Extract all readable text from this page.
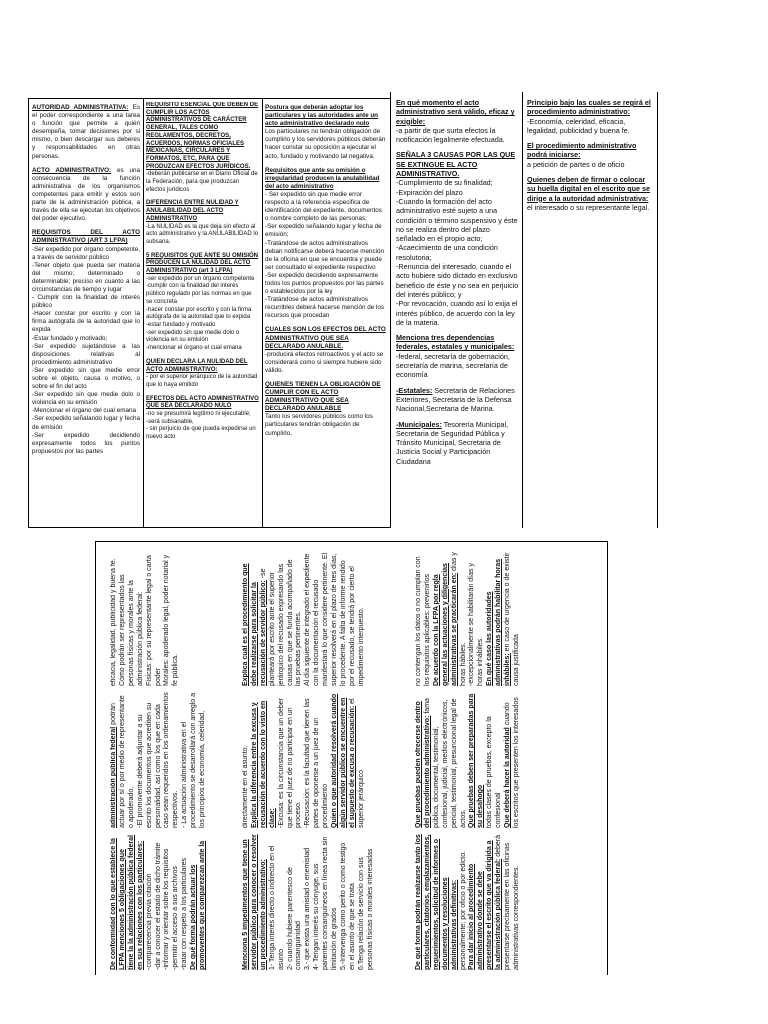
AUTORIDAD ADMINISTRATIVA: Es el poder correspondiente a una tarea o función que permite a quién desempeña, tomar decisiones por si mismo, o bien descargar sus deberes y responsabilidades en otras personas.

ACTO ADMINISTRATIVO: es una consecuencia de la función administrativa de los organismos competentes para emitir y estos son parte de la administración pública, a través de ella se ejecutan los objetivos del poder ejecutivo.

REQUISITOS DEL ACTO ADMINISTRATIVO (ART 3 LFPA)

-Ser expedido por órgano competente, a través de servidor público

-Tener objeto que pueda ser materia del mismo; determinado o determinable; preciso en cuanto a las circunstancias de tiempo y lugar

- Cumplir con la finalidad de interés público

-Hacer constar por escrito y con la firma autógrafa de la autoridad que lo expida

-Estar fundado y motivado;

-Ser expedido sujetándose a las disposiciones relativas al procedimiento administrativo

-Ser expedido sin que medie error sobre el objeto, causa o motivo, o sobre el fin del acto

-Ser expedido sin que medie dolo o violencia en su emisión

-Mencionar el órgano del cual emana

-Ser expedido señalando lugar y fecha de emisión

-Ser expedido decidiendo expresamente todos los puntos propuestos por las partes

REQUISITO ESENCIAL QUE DEBEN DE CUMPLIR LOS ACTOS ADMINISTRATIVOS DE CARÁCTER GENERAL, TALES COMO REGLAMENTOS, DECRETOS, ACUERDOS, NORMAS OFICIALES MEXICANAS, CIRCULARES Y FORMATOS, ETC, PARA QUE PRODUZCAN EFECTOS JURÍDICOS.

-deberán publicarse en el Diario Oficial de la Federación, para que produzcan efectos jurídicos

DIFERENCIA ENTRE NULIDAD Y ANULABILIDAD DEL ACTO ADMINISTRATIVO

-La NULIDAD es la que deja sin efecto al acto administrativo y la ANULABILIDAD lo subsana.

5 REQUISITOS QUE ANTE SU OMISIÓN PRODUCEN LA NULIDAD DEL ACTO ADMINISTRATIVO (art 3 LFPA)

-ser expedido por un órgano competente

-cumplir con la finalidad del interés público regulado por las normas en que se concreta

-hacer constar por escrito y con la firma autógrafa de la autoridad que lo expida

-estar fundado y motivado

-ser expedido sin que medie dolo o violencia en su emisión

-mencionar el órgano el cual emana

QUIEN DECLARA LA NULIDAD DEL ACTO ADMINISTRATIVO:

- por el superior jerárquico de la autoridad que lo haya emitido

EFECTOS DEL ACTO ADMINISTRATIVO QUE SEA DECLARADO NULO

-no se presumirá legítimo ni ejecutable;

-será subsanable,

- sin perjuicio de que pueda expedirse un nuevo acto

Postura que deberán adoptar los particulares y las autoridades ante un acto administrativo declarado nulo

Los particulares no tendrán obligación de cumplirlo y los servidores públicos deberán hacer constar su oposición a ejecutar el acto, fundado y motivando tal negativa.

Requisitos que ante su omisión o irregularidad producen la anulabilidad del acto administrativo

- Ser expedido sin que medie error respecto a la referencia especifica de identificación del expediente, documentos o nombre completo de las personas;

-Ser expedido señalando lugar y fecha de emisión;

-Tratándose de actos administrativos deban notificarse deberá hacerse mención de la oficina en que se encuentra y puede ser consultado el expediente respectivo

-Ser expedido decidiendo expresamente todos los puntos propuestos por las partes o establecidos por la ley

-Tratándose de actos administrativos recurribles deberá hacerse mención de los recursos que procedan

CUALES SON LOS EFECTOS DEL ACTO ADMINISTRATIVO QUE SEA DECLARADO ANULABLE.

-producirá efectos retroactivos y el acto se considerará como si siempre hubiere sido válido.

QUIENES TIENEN LA OBLIGACIÓN DE CUMPLIR CON EL ACTO ADMINISTRATIVO QUE SEA DECLARADO ANULABLE

Tanto los servidores públicos como los particulares tendrán obligación de cumplirlo.

En qué momento el acto administrativo será válido, eficaz y exigible:

-a partir de que surta efectos la notificación legalmente efectuada.

SEÑALA 3 CAUSAS POR LAS QUE SE EXTINGUE EL ACTO ADMINISTRATIVO.

-Cumplimiento de su finalidad;

-Expiración del plazo

-Cuando la formación del acto administrativo esté sujeto a una condición o término suspensivo y éste no se realiza dentro del plazo señalado en el propio acto;

-Acaecimiento de una condición resolutoria;

-Renuncia del interesado, cuando el acto hubiere sido dictado en exclusivo beneficio de éste y no sea en perjuicio del interés público; y

-Por revocación, cuando así lo exija el interés público, de acuerdo con la ley de la materia.

Menciona tres dependencias federales, estatales y municipales:

-federal, secretaría de gobernación, secretaría de marina, secretaría de economía

-Estatales: Secretaria de Relaciones Exteriores, Secretaria de la Defensa Nacional,Secretaria de Marina.

-Municipales: Tesorería Municipal, Secretaria de Seguridad Pública y Tránsito Municipal, Secretaria de Justicia Social y Participación Ciudadana

Principio bajo las cuales se regirá el procedimiento administrativo:

-Economía, celeridad, eficacia, legalidad, publicidad y buena fe.

El procedimiento administrativo podrá iniciarse:

a petición de partes o de oficio

Quienes deben de firmar o colocar su huella digital en el escrito que se dirige a la autoridad administrativa: el interesado o su representante legal.

De conformidad con lo que establece la LFPA menciones 5 obligaciones que tiene la la administración pública federal en sus relaciones con los particulares: -comparecencia previa citación -dar a conocer el estado de dicho trámite -informar y orientar sobre los requisitos -permitir el acceso a sus archivos -tratar con respeto a los particulares De qué forma podrán actuar los promoventes que comparezcan ante la administración pública federal podrán actuar por sí o por medio de representante o apoderado. -El promovente deberá adjuntar a su escrito los documentos que acrediten su personalidad, así como los que en cada caso sean requeridos en los ordenamientos respectivos. - La actuación administrativa en el procedimiento se desarrollará con arreglo a los principios de economía, celeridad, eficacia, legalidad, publicidad y buena fe. Cómo podrán ser representados las personas físicas y morales ante la administración pública federal: Físicas: por su representante legal o carta poder Morales: apoderado legal, poder notarial y fe pública.

Menciona 5 impedimentos que tiene un servidor público para conocer o resolver un procedimiento administrativo: 1- Tenga interés directo o indirecto en el asunto 2- cuando hubiere parentesco de consanguinidad 3.- que exista una amistad o enemistad 4- Tengan interés su cónyuge, sus parientes consanguíneos en línea recta sin limitación de grados 5.-Intervenga como perito o como testigo en el asunto de que se trata 6.Tenga relación de servicio con sus personas físicas o morales interesadas directamente en el asunto. Explica la diferencia entre la excusa y recusación de acuerdo con lo visto en clase: -Excusa: es la circunstancia que un deber que tiene el juez de no participar en un proceso. -Recusación: es la facultad que tienen las partes de oponerse a un juez de un procedimiento Quien o que autoridad resolverá cuando algún servidor público se encuentre en el supuesto de excusa o recusación: el superior jerárquico

Explica cuál es el procedimiento que debe realizarse para solicitar la recusación de servidor público: -se planteará por escrito ante el superior jerárquico del recusado expresando las causas en que se funda acompañado de las pruebas pertinentes. Al día siguiente de integrado el expediente con la documentación el recusado manifestará lo que considere pertinente. El superior resolverá en el plazo de tres días, lo procedente. A falta de informe rendido por el recusado, se tendrá por cierto el impedimento interpuesto.

De qué forma podrán realizarse tanto los particulares, citatorios, emplazamientos, requerimientos, solicitud de informes o documentos y resoluciones administrativas definitivas: personalmente; por oficio o por edicto. Para dar inicio al procedimiento administrativo donde se debe presentarse el escrito que va dirigida a la administración pública federal: deberá presentarse precisamente en las oficinas administrativas correspondientes.

Que pruebas pueden ofrecerse dentro del procedimiento administrativo: fama pública, documental, testimonial, confesional, judicial, medios electrónicos, pericial, testimonial, presuncional legal de actos. Que pruebas deben ser preparadas para su desahogo todas clases de pruebas, excepto la confesional Que deberá hacer la autoridad cuando los escritos que presenten los interesados no contengan los datos o no cumplan con los requisitos aplicables: prevenirlos De acuerdo con la LFPA por regla general las actuaciones y diligencias administrativas se practicarán en: días y horas hábiles. -excepcionalmente se habilitarán días y horas inhábiles. En qué caso las autoridades administrativas podrán habilitar horas inhábiles: en caso de urgencia o de existir causa justificada
